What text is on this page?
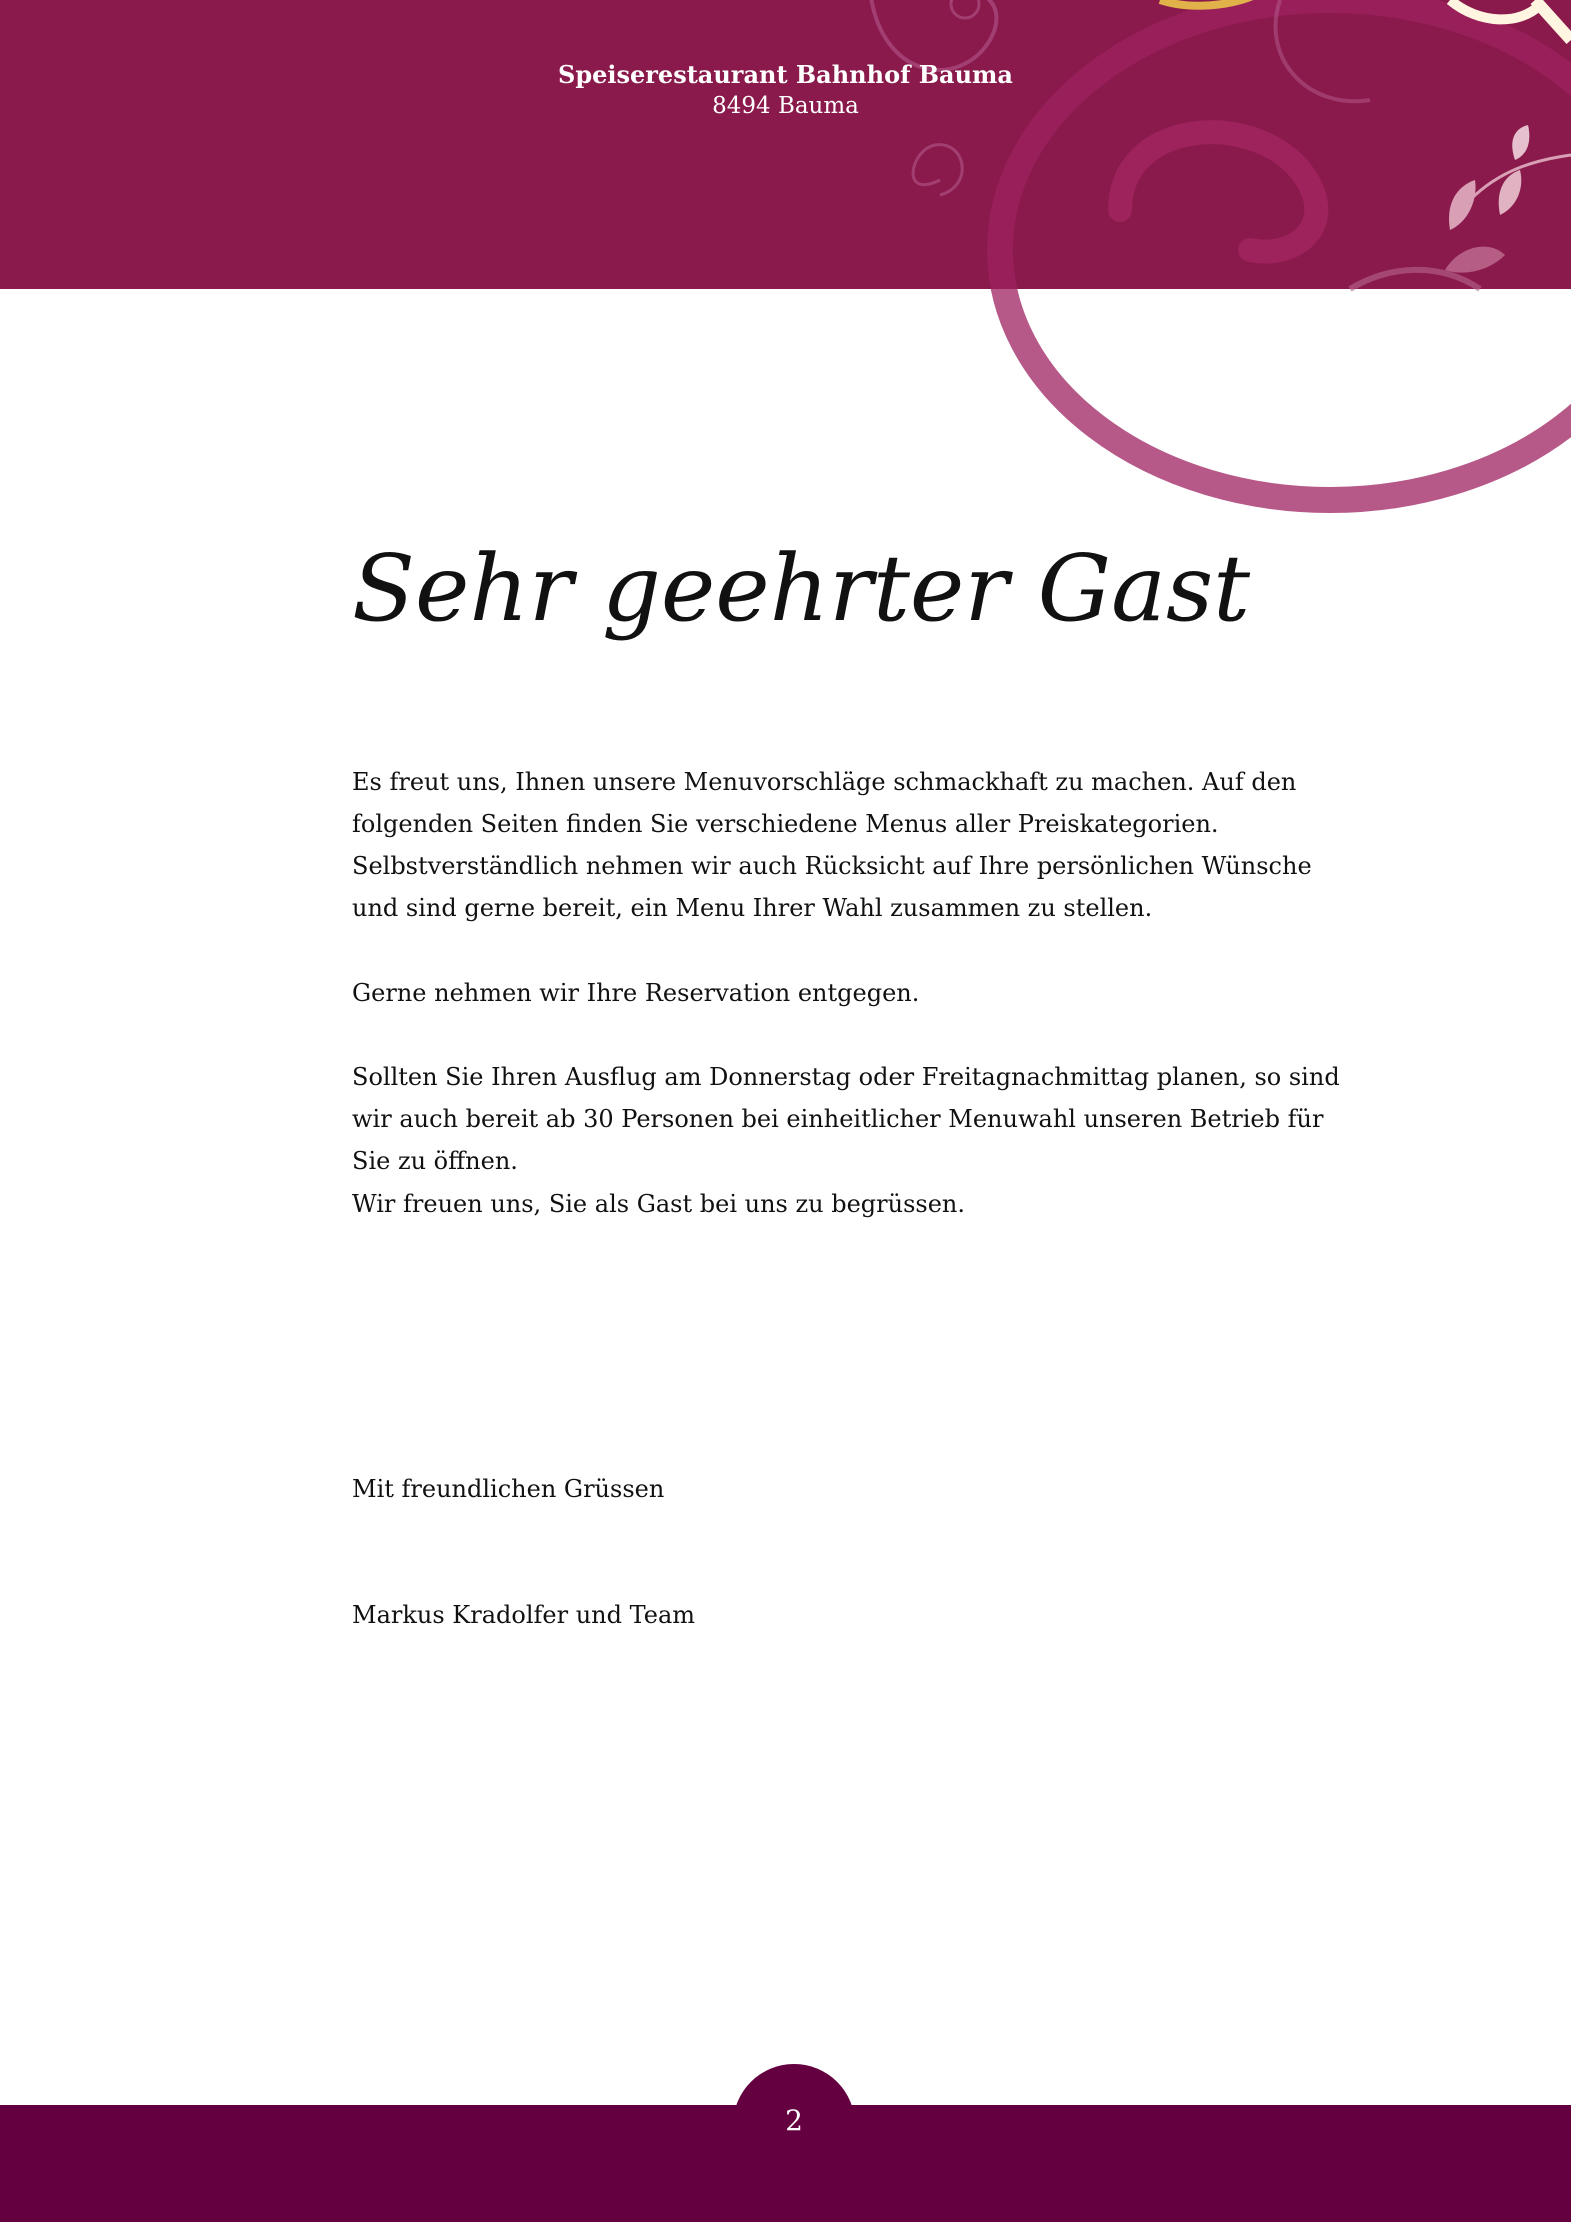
Speiserestaurant Bahnhof Bauma
8494 Bauma
Sehr geehrter Gast

Es freut uns, Ihnen unsere Menuvorschläge schmackhaft zu machen. Auf den folgenden Seiten finden Sie verschiedene Menus aller Preiskategorien. Selbstverständlich nehmen wir auch Rücksicht auf Ihre persönlichen Wünsche und sind gerne bereit, ein Menu Ihrer Wahl zusammen zu stellen.

Gerne nehmen wir Ihre Reservation entgegen.

Sollten Sie Ihren Ausflug am Donnerstag oder Freitagnachmittag planen, so sind wir auch bereit ab 30 Personen bei einheitlicher Menuwahl unseren Betrieb für Sie zu öffnen.

Wir freuen uns, Sie als Gast bei uns zu begrüssen.

Mit freundlichen Grüssen

Markus Kradolfer und Team

2
